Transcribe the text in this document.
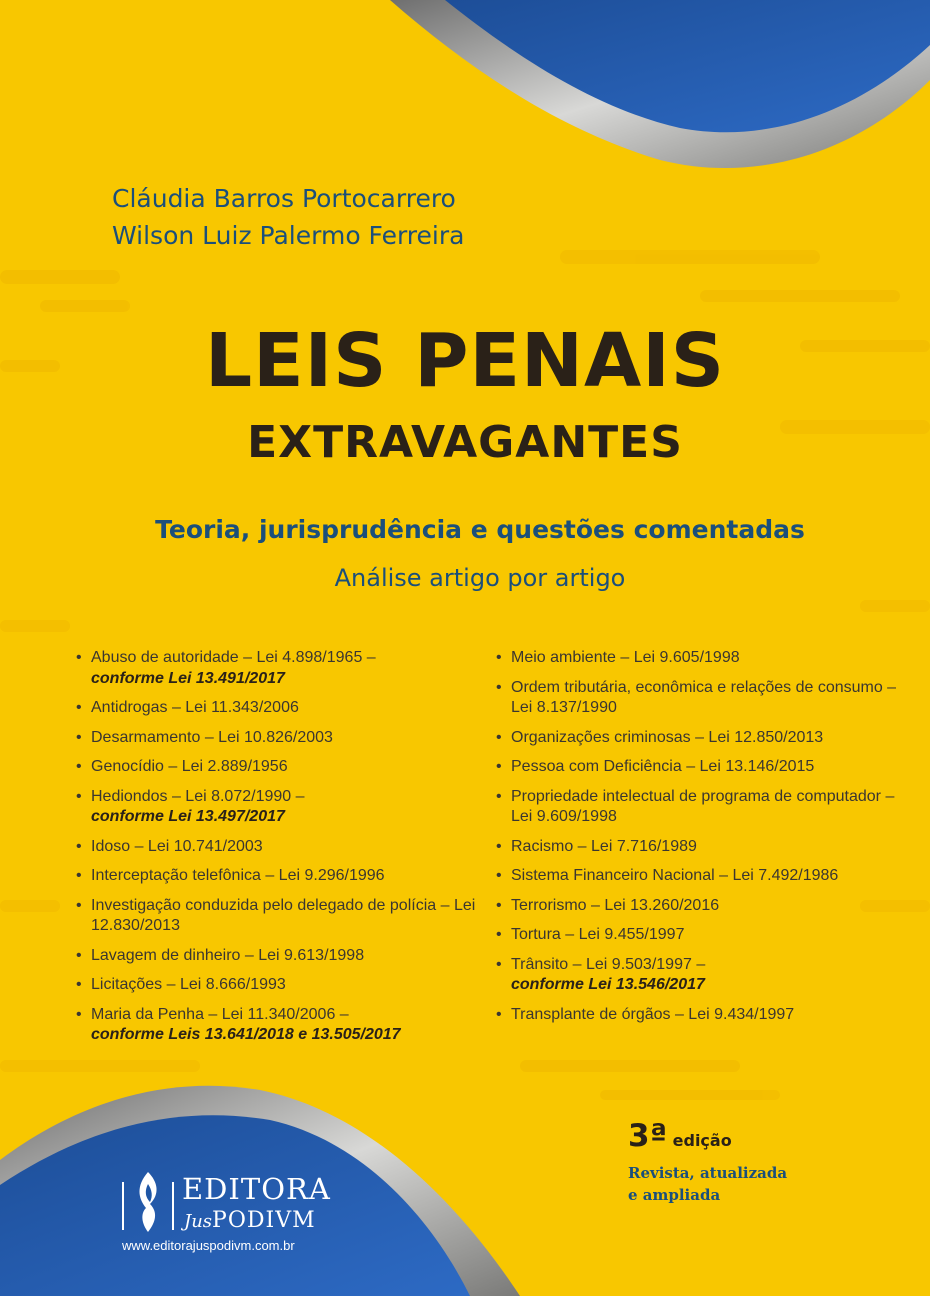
Cláudia Barros Portocarrero
Wilson Luiz Palermo Ferreira
LEIS PENAIS
EXTRAVAGANTES
Teoria, jurisprudência e questões comentadas
Análise artigo por artigo
• Abuso de autoridade – Lei 4.898/1965 –
conforme Lei 13.491/2017
• Antidrogas – Lei 11.343/2006
• Desarmamento – Lei 10.826/2003
• Genocídio – Lei 2.889/1956
• Hediondos – Lei 8.072/1990 –
conforme Lei 13.497/2017
• Idoso – Lei 10.741/2003
• Interceptação telefônica – Lei 9.296/1996
• Investigação conduzida pelo delegado de polícia – Lei 12.830/2013
• Lavagem de dinheiro – Lei 9.613/1998
• Licitações – Lei 8.666/1993
• Maria da Penha – Lei 11.340/2006 –
conforme Leis 13.641/2018 e 13.505/2017
• Meio ambiente – Lei 9.605/1998
• Ordem tributária, econômica e relações de consumo – Lei 8.137/1990
• Organizações criminosas – Lei 12.850/2013
• Pessoa com Deficiência – Lei 13.146/2015
• Propriedade intelectual de programa de computador – Lei 9.609/1998
• Racismo – Lei 7.716/1989
• Sistema Financeiro Nacional – Lei 7.492/1986
• Terrorismo – Lei 13.260/2016
• Tortura – Lei 9.455/1997
• Trânsito – Lei 9.503/1997 –
conforme Lei 13.546/2017
• Transplante de órgãos – Lei 9.434/1997
3ª edição
Revista, atualizada
e ampliada
EDITORA
JusPODIVM
www.editorajuspodivm.com.br
